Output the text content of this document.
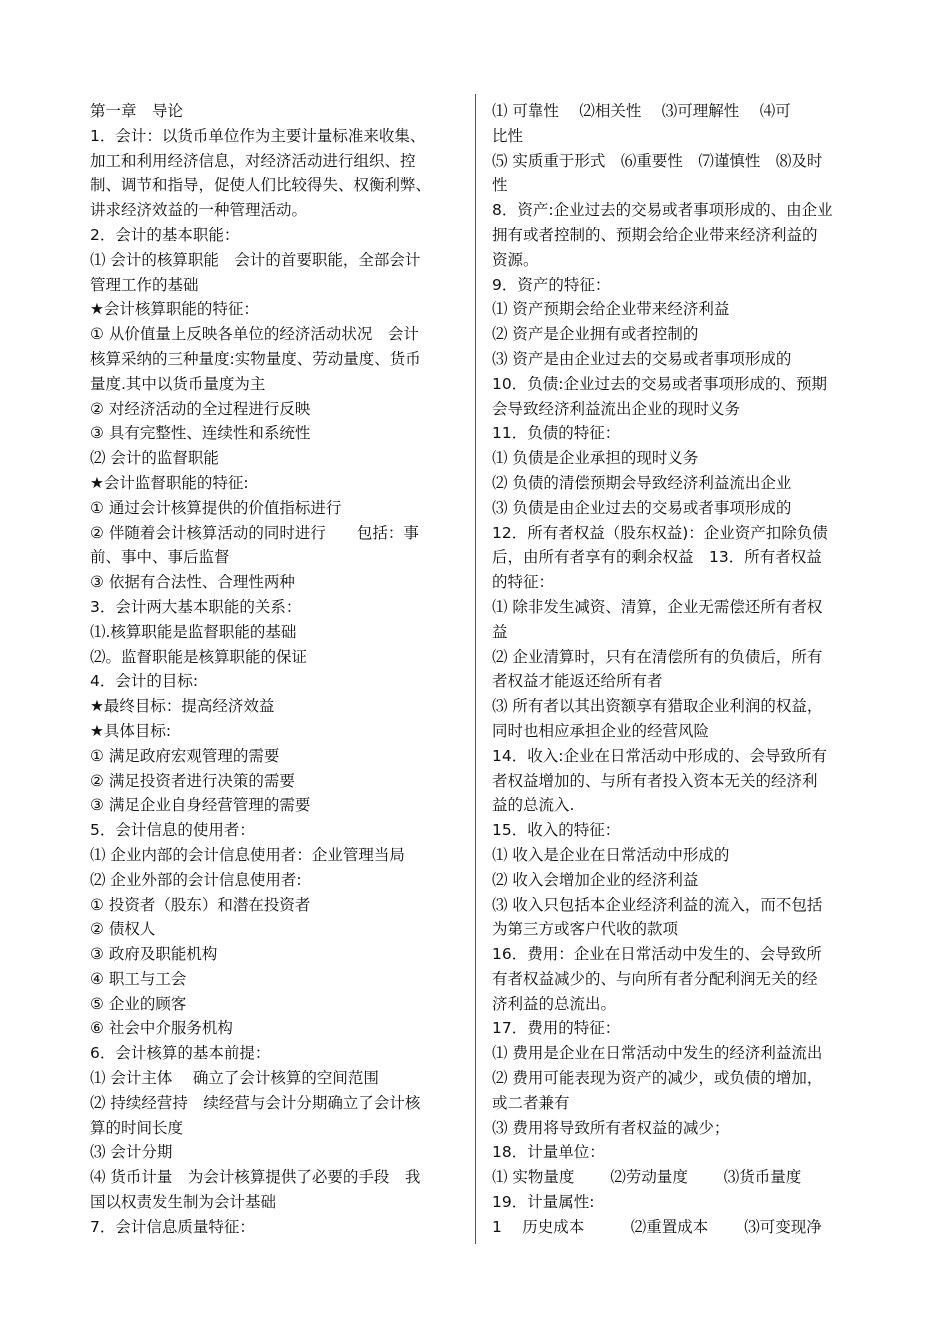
第一章　导论
1．会计：以货币单位作为主要计量标准来收集、
加工和利用经济信息，对经济活动进行组织、控
制、调节和指导，促使人们比较得失、权衡利弊、
讲求经济效益的一种管理活动。
2．会计的基本职能：
⑴ 会计的核算职能　会计的首要职能，全部会计
管理工作的基础
★会计核算职能的特征：
① 从价值量上反映各单位的经济活动状况　会计
核算采纳的三种量度:实物量度、劳动量度、货币
量度.其中以货币量度为主
② 对经济活动的全过程进行反映
③ 具有完整性、连续性和系统性
⑵ 会计的监督职能
★会计监督职能的特征:
① 通过会计核算提供的价值指标进行
② 伴随着会计核算活动的同时进行　　包括：事
前、事中、事后监督
③ 依据有合法性、合理性两种
3．会计两大基本职能的关系：
⑴.核算职能是监督职能的基础
⑵。监督职能是核算职能的保证
4．会计的目标:
★最终目标：提高经济效益
★具体目标:
① 满足政府宏观管理的需要
② 满足投资者进行决策的需要
③ 满足企业自身经营管理的需要
5．会计信息的使用者：
⑴ 企业内部的会计信息使用者：企业管理当局
⑵ 企业外部的会计信息使用者:
① 投资者（股东）和潜在投资者
② 债权人
③ 政府及职能机构
④ 职工与工会
⑤ 企业的顾客
⑥ 社会中介服务机构
6．会计核算的基本前提：
⑴ 会计主体　 确立了会计核算的空间范围
⑵ 持续经营持　续经营与会计分期确立了会计核
算的时间长度
⑶ 会计分期
⑷ 货币计量　为会计核算提供了必要的手段　我
国以权责发生制为会计基础
7．会计信息质量特征：
⑴ 可靠性　 ⑵相关性　 ⑶可理解性　 ⑷可
比性
⑸ 实质重于形式　⑹重要性　⑺谨慎性　⑻及时
性
8．资产:企业过去的交易或者事项形成的、由企业
拥有或者控制的、预期会给企业带来经济利益的
资源。
9．资产的特征：
⑴ 资产预期会给企业带来经济利益
⑵ 资产是企业拥有或者控制的
⑶ 资产是由企业过去的交易或者事项形成的
10．负债:企业过去的交易或者事项形成的、预期
会导致经济利益流出企业的现时义务
11．负债的特征：
⑴ 负债是企业承担的现时义务
⑵ 负债的清偿预期会导致经济利益流出企业
⑶ 负债是由企业过去的交易或者事项形成的
12．所有者权益（股东权益)：企业资产扣除负债
后，由所有者享有的剩余权益　13．所有者权益
的特征：
⑴ 除非发生减资、清算，企业无需偿还所有者权
益
⑵ 企业清算时，只有在清偿所有的负债后，所有
者权益才能返还给所有者
⑶ 所有者以其出资额享有猎取企业利润的权益，
同时也相应承担企业的经营风险
14．收入:企业在日常活动中形成的、会导致所有
者权益增加的、与所有者投入资本无关的经济利
益的总流入.
15．收入的特征：
⑴ 收入是企业在日常活动中形成的
⑵ 收入会增加企业的经济利益
⑶ 收入只包括本企业经济利益的流入，而不包括
为第三方或客户代收的款项
16．费用：企业在日常活动中发生的、会导致所
有者权益减少的、与向所有者分配利润无关的经
济利益的总流出。
17．费用的特征：
⑴ 费用是企业在日常活动中发生的经济利益流出
⑵ 费用可能表现为资产的减少，或负债的增加，
或二者兼有
⑶ 费用将导致所有者权益的减少；
18．计量单位：
⑴ 实物量度　　 ⑵劳动量度　　 ⑶货币量度
19．计量属性:
1　 历史成本　　　⑵重置成本　　 ⑶可变现净
